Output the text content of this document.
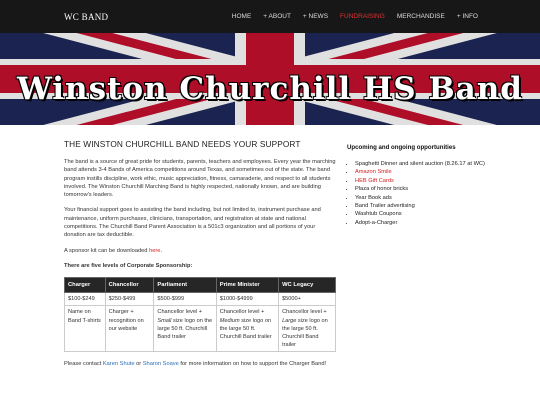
WC BAND	HOME + ABOUT + NEWS FUNDRAISING MERCHANDISE + INFO
Winston Churchill HS Band
THE WINSTON CHURCHILL BAND NEEDS YOUR SUPPORT

The band is a source of great pride for students, parents, teachers and employees. Every year the marching band attends 3-4 Bands of America competitions around Texas, and sometimes out of the state. The band program instills discipline, work ethic, music appreciation, fitness, camaraderie, and respect to all students involved. The Winston Churchill Marching Band is highly respected, nationally known, and are building tomorrow's leaders.

Your financial support goes to assisting the band including, but not limited to, instrument purchase and maintenance, uniform purchases, clinicians, transportation, and registration at state and national competitions. The Churchill Band Parent Association is a 501c3 organization and all portions of your donation are tax deductible.

A sponsor kit can be downloaded here.

There are five levels of Corporate Sponsorship:

Charger	Chancellor	Parliament	Prime Minister	WC Legacy
$100-$249	$250-$499	$500-$999	$1000-$4999	$5000+
Name on Band T-shirts	Charger + recognition on our website	Chancellor level + Small size logo on the large 50 ft. Churchill Band trailer	Chancellor level + Medium size logo on the large 50 ft. Churchill Band trailer	Chancellor level + Large size logo on the large 50 ft. Churchill Band trailer

Please contact Karen Shute or Sharon Soave for more information on how to support the Charger Band!

Upcoming and ongoing opportunities
• Spaghetti Dinner and silent auction (8.26.17 at WC)
• Amazon Smile
• HEB Gift Cards
• Plaza of honor bricks
• Year Book ads
• Band Trailer advertising
• Washtub Coupons
• Adopt-a-Charger
